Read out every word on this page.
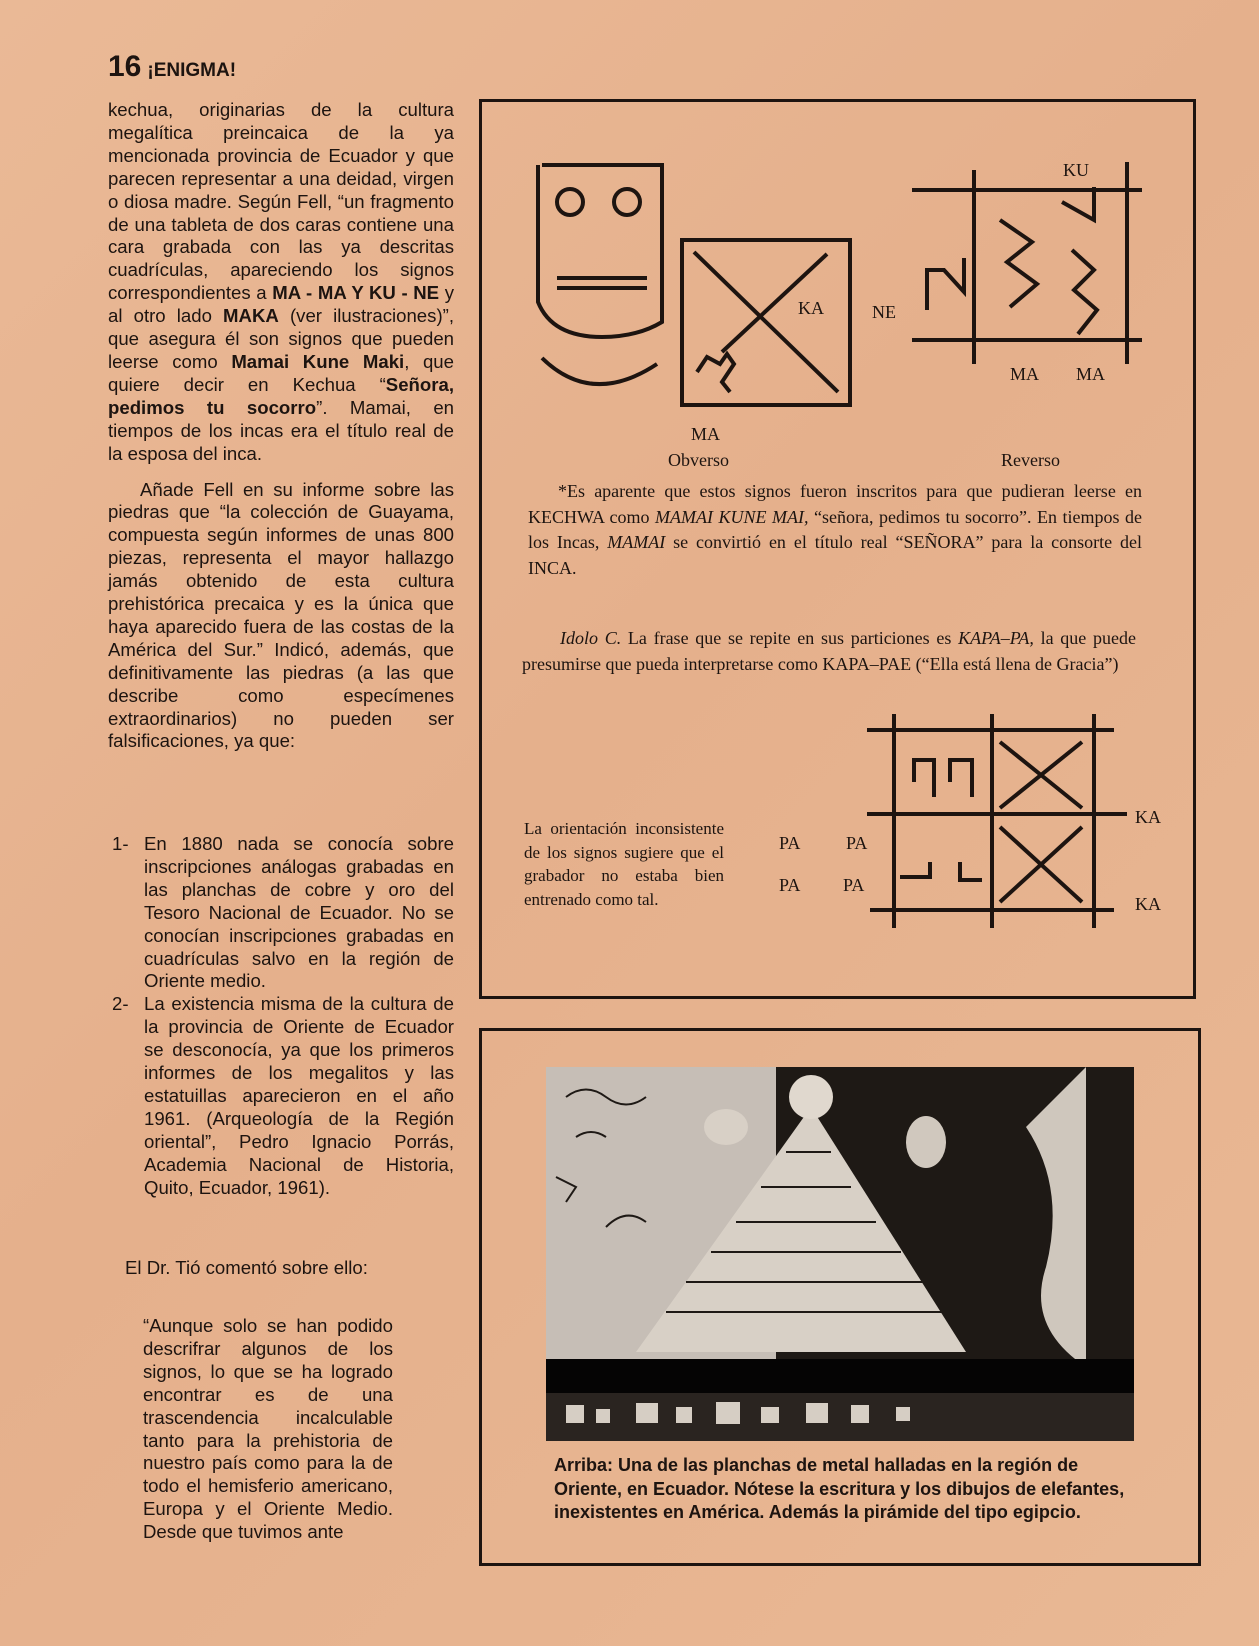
16 ¡ENIGMA!

kechua, originarias de la cultura megalítica preincaica de la ya mencionada provincia de Ecuador y que parecen representar a una deidad, virgen o diosa madre. Según Fell, “un fragmento de una tableta de dos caras contiene una cara grabada con las ya descritas cuadrículas, apareciendo los signos correspondientes a MA - MA Y KU - NE y al otro lado MAKA (ver ilustraciones)”, que asegura él son signos que pueden leerse como Mamai Kune Maki, que quiere decir en Kechua “Señora, pedimos tu socorro”. Mamai, en tiempos de los incas era el título real de la esposa del inca.

Añade Fell en su informe sobre las piedras que “la colección de Guayama, compuesta según informes de unas 800 piezas, representa el mayor hallazgo jamás obtenido de esta cultura prehistórica precaica y es la única que haya aparecido fuera de las costas de la América del Sur.” Indicó, además, que definitivamente las piedras (a las que describe como especímenes extraordinarios) no pueden ser falsificaciones, ya que:

1- En 1880 nada se conocía sobre inscripciones análogas grabadas en las planchas de cobre y oro del Tesoro Nacional de Ecuador. No se conocían inscripciones grabadas en cuadrículas salvo en la región de Oriente medio.
2- La existencia misma de la cultura de la provincia de Oriente de Ecuador se desconocía, ya que los primeros informes de los megalitos y las estatuillas aparecieron en el año 1961. (Arqueología de la Región oriental”, Pedro Ignacio Porrás, Academia Nacional de Historia, Quito, Ecuador, 1961).
El Dr. Tió comentó sobre ello:
“Aunque solo se han podido descrifrar algunos de los signos, lo que se ha logrado encontrar es de una trascendencia incalculable tanto para la prehistoria de nuestro país como para la de todo el hemisferio americano, Europa y el Oriente Medio. Desde que tuvimos ante
KA
MA
Obverso
NE
KU
MA MA
Reverso
*Es aparente que estos signos fueron inscritos para que pudieran leerse en KECHWA como MAMAI KUNE MAI, “señora, pedimos tu socorro”. En tiempos de los Incas, MAMAI se convirtió en el título real “SEÑORA” para la consorte del INCA.
Idolo C. La frase que se repite en sus particiones es KAPA–PA, la que puede presumirse que pueda interpretarse como KAPA–PAE (“Ella está llena de Gracia”)
La orientación inconsistente de los signos sugiere que el grabador no estaba bien entrenado como tal.
PA	PA
PA PA
KA
KA
Arriba: Una de las planchas de metal halladas en la región de Oriente, en Ecuador. Nótese la escritura y los dibujos de elefantes, inexistentes en América. Además la pirámide del tipo egipcio.
